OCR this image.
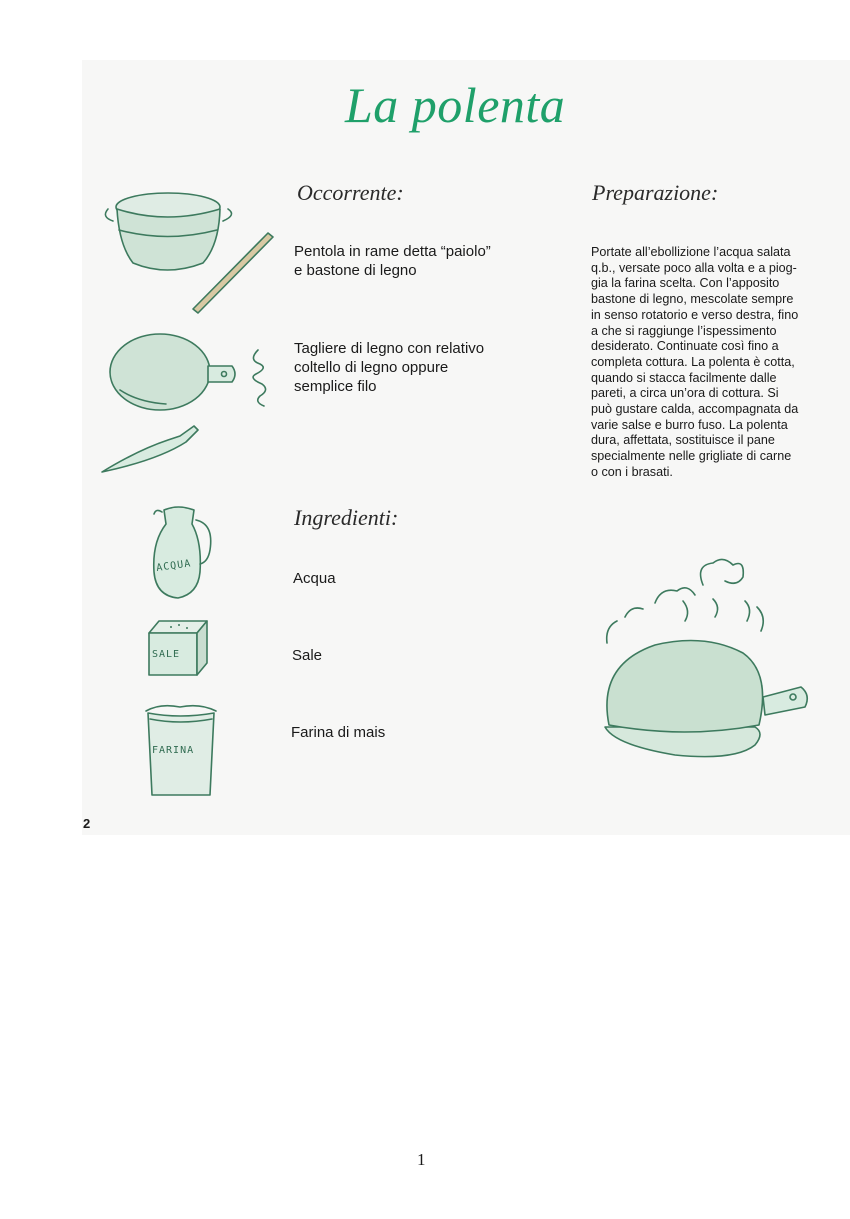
La polenta
Occorrente:
Pentola in rame detta “paiolo”
e bastone di legno
Tagliere di legno con relativo
coltello di legno oppure
semplice filo
Ingredienti:
ACQUA
Acqua
SALE	Sale
FARINA
Farina di mais
Preparazione:
Portate all’ebollizione l’acqua salata
q.b., versate poco alla volta e a piog-
gia la farina scelta. Con l’apposito
bastone di legno, mescolate sempre
in senso rotatorio e verso destra, fino
a che si raggiunge l’ispessimento
desiderato. Continuate così fino a
completa cottura. La polenta è cotta,
quando si stacca facilmente dalle
pareti, a circa un’ora di cottura. Si
può gustare calda, accompagnata da
varie salse e burro fuso. La polenta
dura, affettata, sostituisce il pane
specialmente nelle grigliate di carne
o con i brasati.
2
1
